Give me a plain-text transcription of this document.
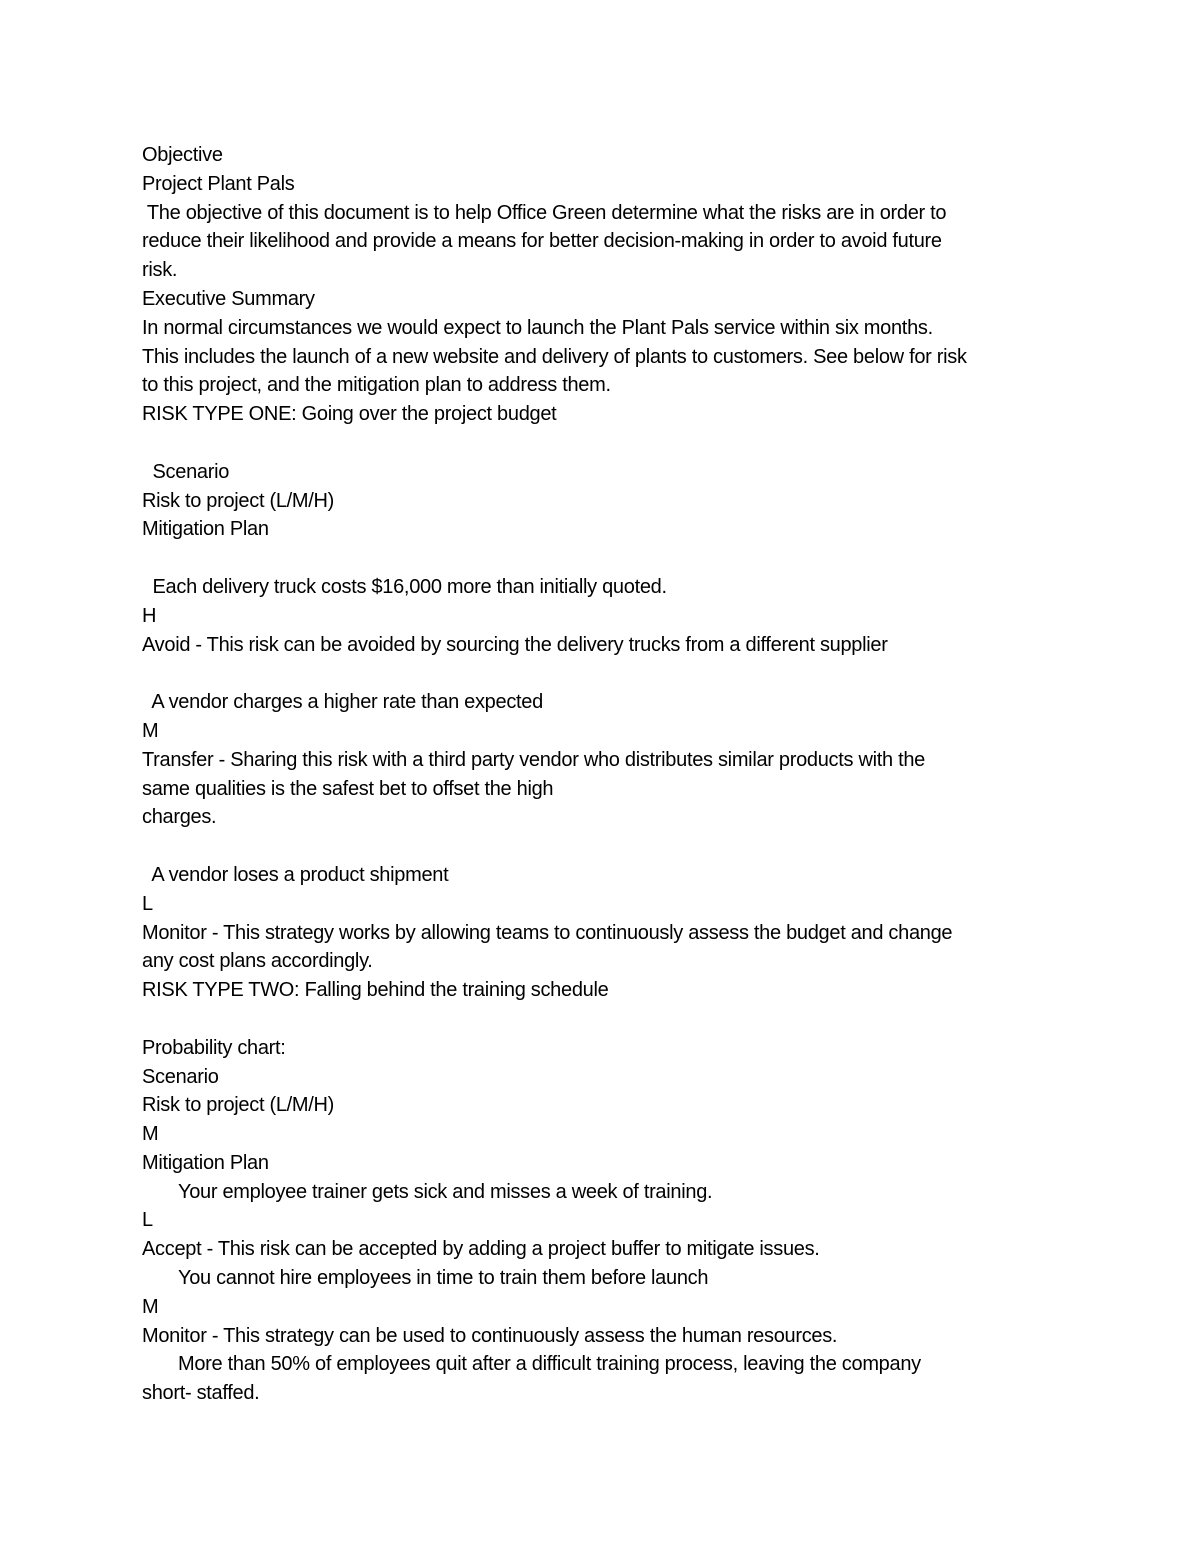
Objective
Project Plant Pals
The objective of this document is to help Office Green determine what the risks are in order to
reduce their likelihood and provide a means for better decision-making in order to avoid future
risk.
Executive Summary
In normal circumstances we would expect to launch the Plant Pals service within six months.
This includes the launch of a new website and delivery of plants to customers. See below for risk
to this project, and the mitigation plan to address them.
RISK TYPE ONE: Going over the project budget
Scenario
Risk to project (L/M/H)
Mitigation Plan
Each delivery truck costs $16,000 more than initially quoted.
H
Avoid - This risk can be avoided by sourcing the delivery trucks from a different supplier
A vendor charges a higher rate than expected
M
Transfer - Sharing this risk with a third party vendor who distributes similar products with the
same qualities is the safest bet to offset the high
charges.
A vendor loses a product shipment
L
Monitor - This strategy works by allowing teams to continuously assess the budget and change
any cost plans accordingly.
RISK TYPE TWO: Falling behind the training schedule
Probability chart:
Scenario
Risk to project (L/M/H)
M
Mitigation Plan
Your employee trainer gets sick and misses a week of training.
L
Accept - This risk can be accepted by adding a project buffer to mitigate issues.
You cannot hire employees in time to train them before launch
M
Monitor - This strategy can be used to continuously assess the human resources.
More than 50% of employees quit after a difficult training process, leaving the company
short- staffed.
